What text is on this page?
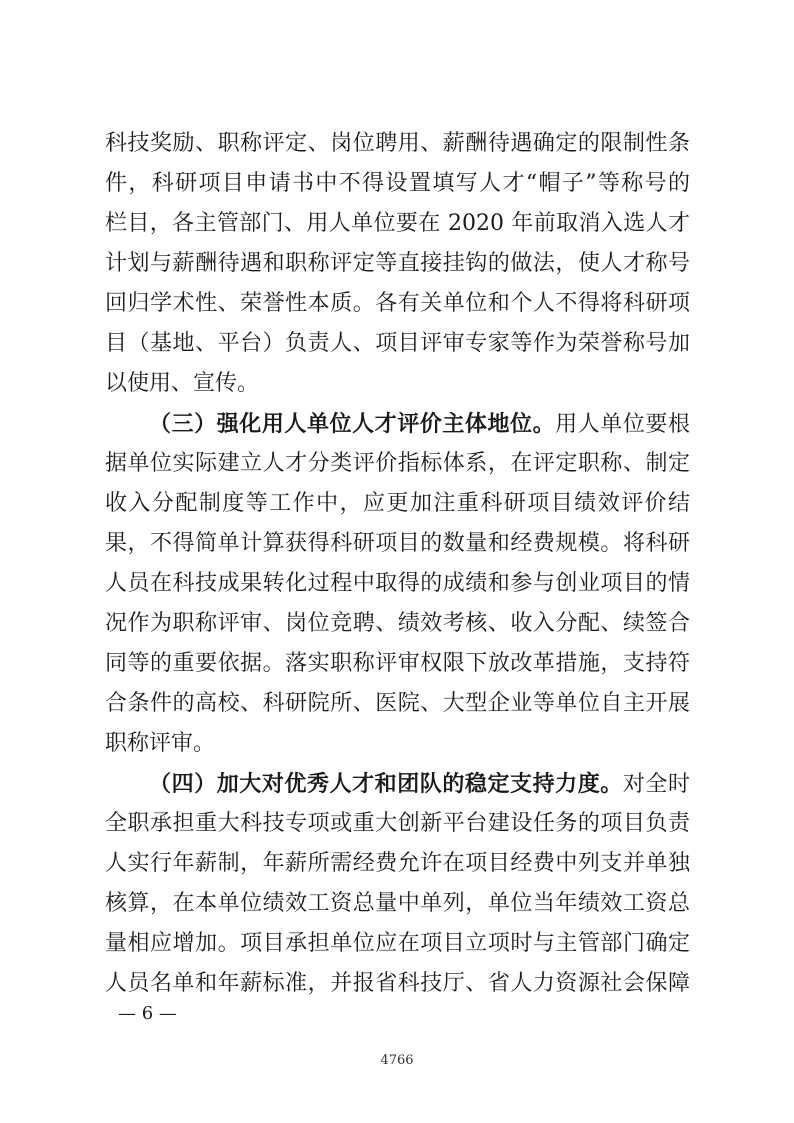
科技奖励、职称评定、岗位聘用、薪酬待遇确定的限制性条
件，科研项目申请书中不得设置填写人才“帽子”等称号的
栏目，各主管部门、用人单位要在 2020 年前取消入选人才
计划与薪酬待遇和职称评定等直接挂钩的做法，使人才称号
回归学术性、荣誉性本质。各有关单位和个人不得将科研项
目（基地、平台）负责人、项目评审专家等作为荣誉称号加
以使用、宣传。
（三）强化用人单位人才评价主体地位。用人单位要根
据单位实际建立人才分类评价指标体系，在评定职称、制定
收入分配制度等工作中，应更加注重科研项目绩效评价结
果，不得简单计算获得科研项目的数量和经费规模。将科研
人员在科技成果转化过程中取得的成绩和参与创业项目的情
况作为职称评审、岗位竞聘、绩效考核、收入分配、续签合
同等的重要依据。落实职称评审权限下放改革措施，支持符
合条件的高校、科研院所、医院、大型企业等单位自主开展
职称评审。
（四）加大对优秀人才和团队的稳定支持力度。对全时
全职承担重大科技专项或重大创新平台建设任务的项目负责
人实行年薪制，年薪所需经费允许在项目经费中列支并单独
核算，在本单位绩效工资总量中单列，单位当年绩效工资总
量相应增加。项目承担单位应在项目立项时与主管部门确定
人员名单和年薪标准，并报省科技厅、省人力资源社会保障
— 6 —
4766
